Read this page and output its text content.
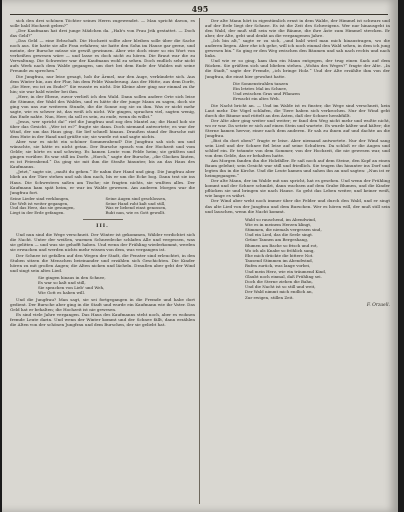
495

sich den drei schönen Töchter seines Herrn zugewendet. — Man spricht davon, es solle bald Hochzeit geben?“

„Der Kaufmann hat drei junge Mädchen da. „Hab's von Frau Jrik gestattet. — Doch das Geld?“

„Das Geld — eine Erbschaft. Die Hochzeit sollte aber bleiben solle über die Sache noch aus. Sie hatte sie alle Frau erfahren; sie hatte den Sohn im Hause gar gerne, und meinte, der Bursche müsse sie gewiß gewinnen. Aber wie doch einer so ein Wort von verheißen gewesen wäre — und lasse es doch nicht zu hören. Die Braut war die zu Verwaltung. Die Schwester war der Kaufmann wohl zu sehen. Doch endlich sehr nicht aufs Werk nach dem Walde gegangen, um dort bei dem Ende der Waldes mit seine Freunde zu sprechen.“

Die Jungfrau, nur leise gesagt, hob ihr Ärmel, nur den Auge, verkündete sich. Aus dem Winter hin, aus der Flur, hin dem Felde Wanderung. Aus der Hütte, aus dem Dorfe, „Sie Herr, wo ist zu Ende?“ Sie wusste es nicht. Die Kleine aber ging nur einmal zu ihr hin; sie war bald wieder bei ihm.

„Herr, in der Ebene, zuvor verließ ich den Wald. Dann sollen andere Orte sich leise die Stimme, der Wald des Waldes, und es hätte dir der junge Mann zu sagen, doch sie ging von uns zur weiteren Stunde, die die Sonne zog sie zu ihm. Was er nicht mehr sagte, wie es schwer ist, das weiß ich nicht. Wir gingen, sprachen viel, sagten wenig, das Ende nahte. Nun, Herr, da soll es sein, zu ende, wenn du willst.“

„Jesus, wer spricht da!“ rief die Jungfrau und zog den Mantel an; die Hand hob sie über das Gesicht. „Wer ist es?“ fragte sie dann. Doch niemand antwortete; es war der Wind, der um das Haus ging. Sie lief schnell hinaus. Draußen stand der Bursche mit dem Hute in der Hand und grüßte sie; sie wurde rot und sagte nichts.

Aber war es nicht ein schöner Sommerabend? Die Jungfrau sah sich um und wünschte, sie hätte es nicht getan. Der Bursche sprach von der Hochzeit und vom Gelde; sie hörte es und schwieg. Es kamen Leute vom Felde heim; sie grüßten und gingen vorüber. Es war still im Dorfe. „Horch,“ sagte der Bursche, „die Glocken läuten, es ist Feierabend.“ Da ging sie mit ihm die Straße hinunter, bis an das Haus des Kaufmanns.

„Jetzt,“ sagte sie, „mußt du gehen.“ Er nahm ihre Hand und ging. Die Jungfrau aber blieb an der Türe stehen und sah ihm nach, bis er um die Ecke bog. Dann trat sie ins Haus. Die Schwestern saßen am Tische; sie fragten nichts, sie wußten alles. Der Kaufmann kam spät heim, er war im Walde gewesen. Am anderen Morgen war die Jungfrau fort.

Seine Lieder sind verklungen,
Die Welt ist weiter gegangen,
Und das Herz, das sie gesungen,
Liegt in der Erde gefangen.
Seine Augen sind geschlossen,
Seine Hand ruht kalt und still,
Was er liebend einst genossen,
Ruht nun, wie es Gott gewollt.
III.

Und nun sind die Wege verschneit. Der Winter ist gekommen, Wälder verdichtet sich die Nacht. Unter der weißen, warmen Schneedecke schlafen Alle und vergessen, was sie gelitten — und was sie gehofft haben. Und wenn der Frühling wiederkommt, werden sie erwachen und werden nichts mehr wissen von dem, was vergangen ist.

Der Schnee ist gefallen auf den Wegen der Stadt, die Fenster sind erleuchtet, in den Stuben sitzen die Menschen beieinander und erzählen sich Geschichten. Die Kinder hören zu mit großen Augen; die Alten nicken und lächeln. Draußen aber geht der Wind und singt sein altes Lied.

Sie gingen hinaus in den Schnee,
Es war so kalt und still,
Sie sprachen von Lieb' und Weh,
Wie Gott es haben will.

Und die Jungfrau? Man sagt, sie sei fortgegangen in die Fremde und habe dort gedient. Der Bursche aber ging in die Stadt und wurde ein Kaufmann wie ihr Vater. Das Geld hat er behalten; die Hochzeit ist nie gewesen.

Es sind viele Jahre vergangen. Das Haus des Kaufmanns steht noch, aber es wohnen fremde Leute darin. Und wenn der Winter kommt und der Schnee fällt, dann erzählen die Alten von der schönen Jungfrau und dem Burschen, der sie geliebt hat.

Der alte Mann hört in eigentümlich ernst in dem Walde, der Himmel ist schwarz und auf der Erde liegt der Schnee. Es ist die Zeit des Schweigens. Wer nur hinausgeht in den Wald, der muß still sein wie die Bäume, die ihre Äste zum Himmel strecken. Er aber, der Alte, geht und denkt an die vergangenen Jahre.

„Ich bin alt,“ sagte er zu sich, „und bald wird man mich hinaustragen, wo die anderen liegen. Aber ehe ich gehe, will ich noch einmal den Wald sehen, in dem ich jung gewesen bin.“ So ging er den Weg zwischen den Bäumen und sah nach rechts und nach links.

Und wie er so ging, kam ihm ein Mann entgegen, der trug einen Sack auf dem Rücken. Sie grüßten sich und blieben stehen. „Wohin des Weges?“ fragte der Alte. „In die Stadt,“ sagte der Fremde, „ich bringe Holz.“ Und der Alte erzählte ihm von der Jungfrau, die einst hier gewohnt hatte.

Die Sonnenstrahlen tanzen
Ein letztes Mal im Schnee,
Und zwischen Gras und Pflanzen
Erwacht ein altes Weh.

Die Nacht bricht an. — Und im Walde ist es finster, die Wege sind verschneit, kein Laut mehr. Die Vögel schlafen, die Tiere haben sich verkrochen. Nur der Wind geht durch die Bäume und rüttelt an den Ästen, daß der Schnee herabfällt.

Der Alte aber ging weiter und weiter; er fand den Weg nicht mehr und wußte nicht, wo er war. Da setzte er sich auf einen Stein und wartete. Es wurde kälter und kälter; die Sterne kamen hervor, einer nach dem anderen. Er sah zu ihnen auf und dachte an die Jungfrau.

„Bist du dort oben?“ fragte er leise. Aber niemand antwortete. Nur der Wind sang sein Lied und der Schnee fiel leise auf seine Schultern. Da schloß er die Augen und schlief ein. Er träumte von dem Sommer, von der Hochzeit, die nie gewesen war, und von dem Gelde, das er behalten hatte.

Am Morgen fanden ihn die Holzfäller. Er saß noch auf dem Steine, den Kopf an einen Baum gelehnt; sein Gesicht war still und friedlich. Sie trugen ihn hinunter ins Dorf und legten ihn in die Kirche. Und die Leute kamen und sahen ihn an und sagten: „Nun ist er heimgegangen.“

Der alte Mann, der im Walde mit uns spricht, hat es gesehen. Und wenn der Frühling kommt und der Schnee schmilzt, dann wachsen auf dem Grabe Blumen, und die Kinder pflücken sie und bringen sie nach Hause. So geht das Leben weiter, und keiner weiß, wie lange es währt.

Der Wind aber weht noch immer über die Felder und durch den Wald, und er singt das alte Lied von der Jungfrau und dem Burschen. Wer es hören will, der muß still sein und lauschen, wenn die Nacht kommt.

Wald so rauschend, im Abendwind,
Wie es in meinem Herzen klingt,
Stimmen, die niemals vergessen sind,
Und ein Lied, das die Seele singt.
Grüne Tannen am Bergeshang,
Blumen am Bache so frisch und rot,
Wo ich als Knabe so fröhlich sang,
Ehe mich drückte die bittere Not.
Tausend Stimmen im Abendwind,
Rufen zurück, was lange vorbei,
Und mein Herz, wie ein träumend Kind,
Glaubt noch einmal, daß Frühling sei.
Doch die Sterne ziehen die Bahn,
Und die Nacht ist so still und weit,
Der Wald nimmt mich endlich an,
Zur ewigen, stillen Zeit.
F. Orzaell.
